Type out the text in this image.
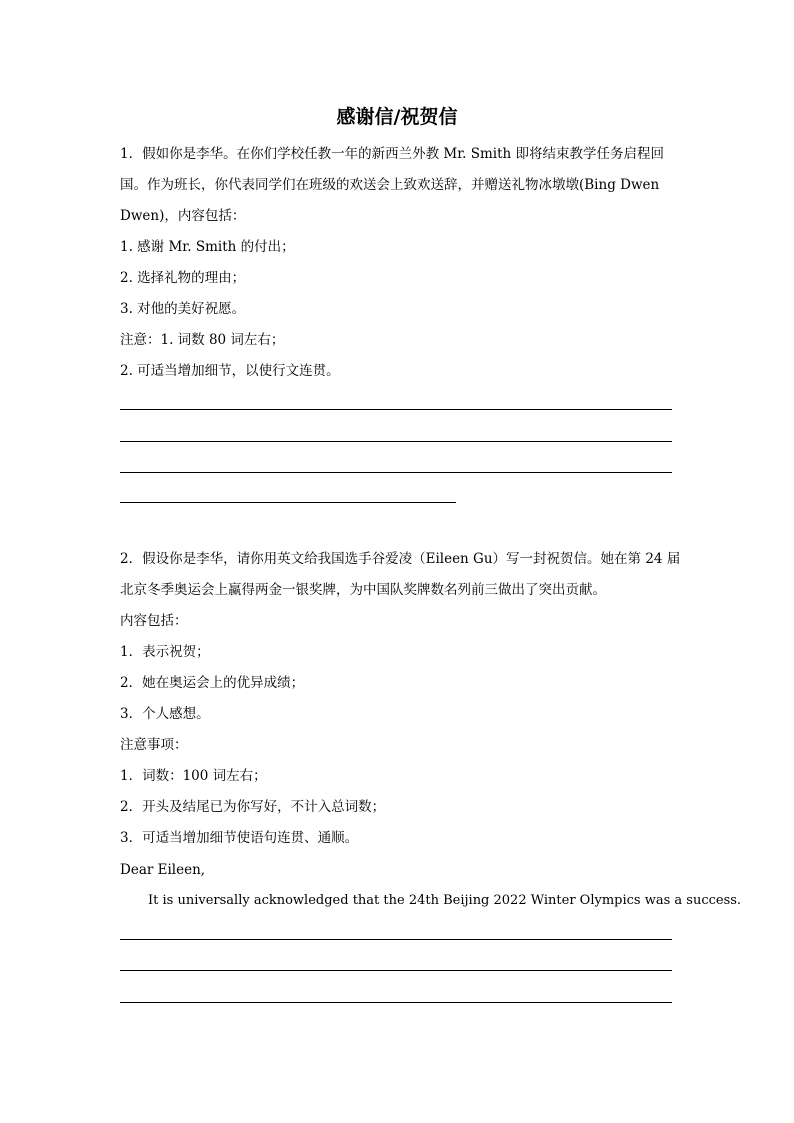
感谢信/祝贺信
1．假如你是李华。在你们学校任教一年的新西兰外教 Mr. Smith 即将结束教学任务启程回
国。作为班长，你代表同学们在班级的欢送会上致欢送辞，并赠送礼物冰墩墩(Bing Dwen
Dwen)，内容包括：
1. 感谢 Mr. Smith 的付出；
2. 选择礼物的理由；
3. 对他的美好祝愿。
注意：1. 词数 80 词左右；
2. 可适当增加细节，以使行文连贯。
2．假设你是李华，请你用英文给我国选手谷爱凌（Eileen Gu）写一封祝贺信。她在第 24 届
北京冬季奥运会上赢得两金一银奖牌，为中国队奖牌数名列前三做出了突出贡献。
内容包括：
1．表示祝贺；
2．她在奥运会上的优异成绩；
3．个人感想。
注意事项：
1．词数：100 词左右；
2．开头及结尾已为你写好，不计入总词数；
3．可适当增加细节使语句连贯、通顺。
Dear Eileen,
It is universally acknowledged that the 24th Beijing 2022 Winter Olympics was a success.
